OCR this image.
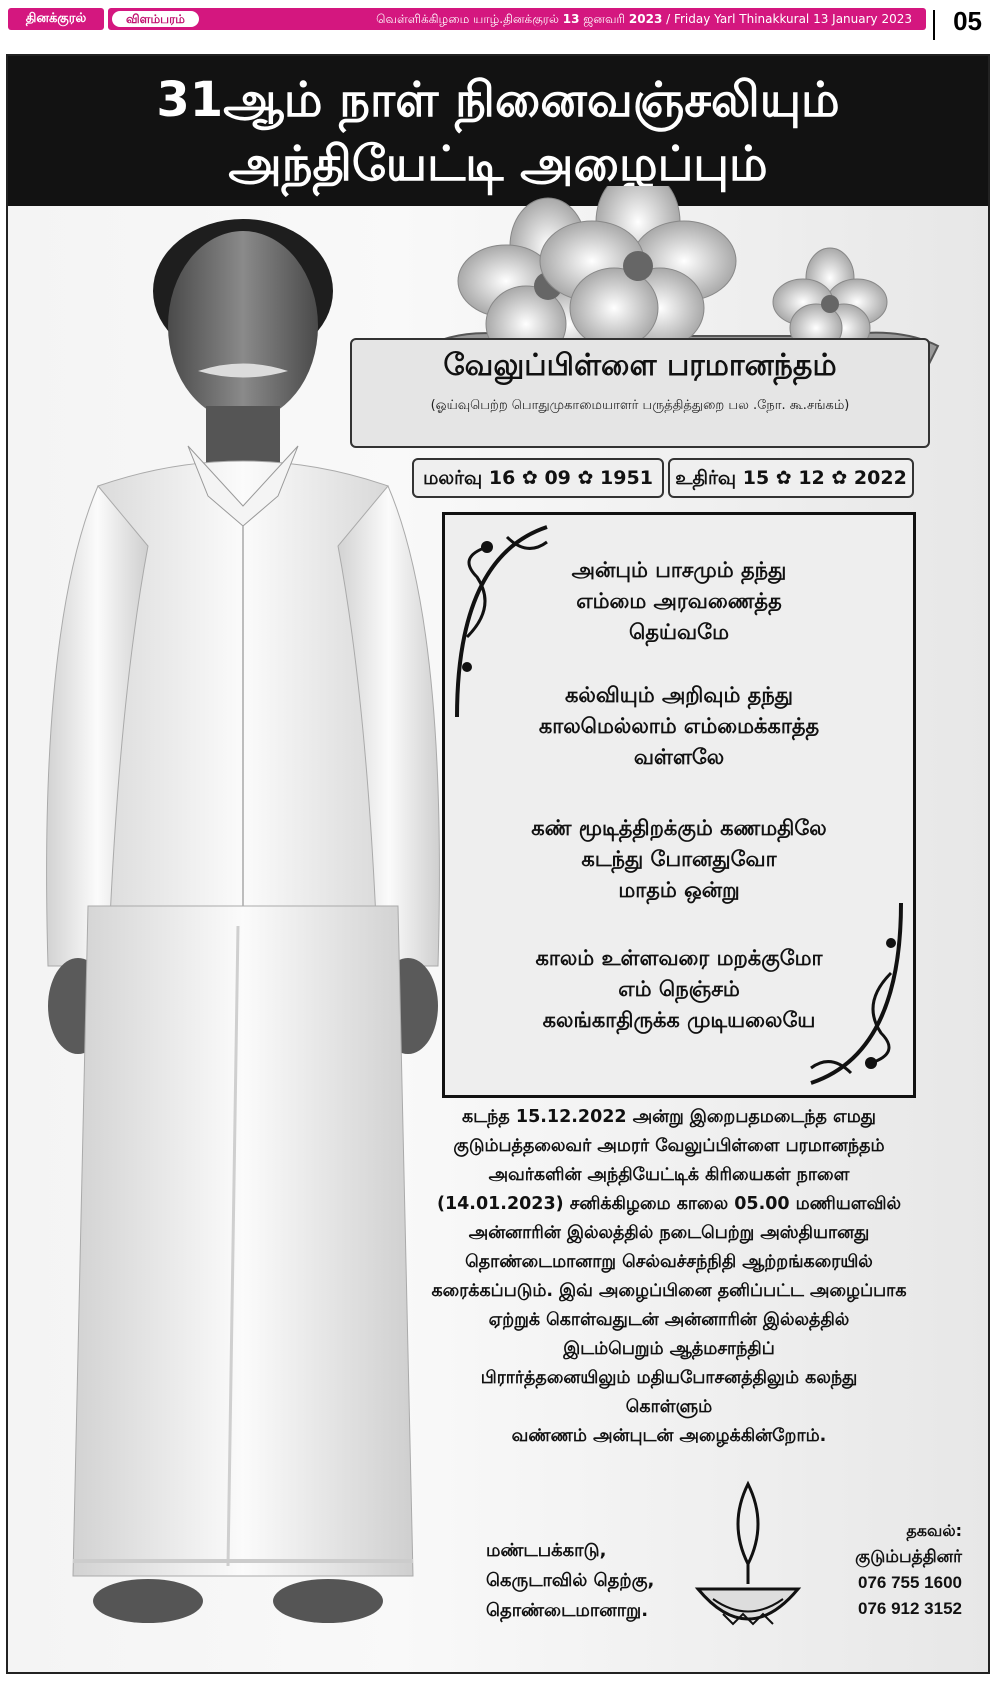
தினக்குரல்	விளம்பரம்	வெள்ளிக்கிழமை யாழ்.தினக்குரல் 13 ஜனவரி 2023 / Friday Yarl Thinakkural 13 January 2023 05
31ஆம் நாள் நினைவஞ்சலியும்
அந்தியேட்டி அழைப்பும்
வேலுப்பிள்ளை பரமானந்தம்
(ஓய்வுபெற்ற பொதுமுகாமையாளர் பருத்தித்துறை பல .நோ. கூ.சங்கம்)
மலர்வு 16 ✿ 09 ✿ 1951	உதிர்வு 15 ✿ 12 ✿ 2022
அன்பும் பாசமும் தந்து
எம்மை அரவணைத்த
தெய்வமே
கல்வியும் அறிவும் தந்து
காலமெல்லாம் எம்மைக்காத்த
வள்ளலே
கண் மூடித்திறக்கும் கணமதிலே
கடந்து போனதுவோ
மாதம் ஒன்று
காலம் உள்ளவரை மறக்குமோ
எம் நெஞ்சம்
கலங்காதிருக்க முடியலையே
கடந்த 15.12.2022 அன்று இறைபதமடைந்த எமது
குடும்பத்தலைவர் அமரர் வேலுப்பிள்ளை பரமானந்தம்
அவர்களின் அந்தியேட்டிக் கிரியைகள் நாளை
(14.01.2023) சனிக்கிழமை காலை 05.00 மணியளவில்
அன்னாரின் இல்லத்தில் நடைபெற்று அஸ்தியானது
தொண்டைமானாறு செல்வச்சந்நிதி ஆற்றங்கரையில்
கரைக்கப்படும். இவ் அழைப்பினை தனிப்பட்ட அழைப்பாக
ஏற்றுக் கொள்வதுடன் அன்னாரின் இல்லத்தில்
இடம்பெறும் ஆத்மசாந்திப்
பிரார்த்தனையிலும் மதியபோசனத்திலும் கலந்து
கொள்ளும்
வண்ணம் அன்புடன் அழைக்கின்றோம்.
மண்டபக்காடு,
கெருடாவில் தெற்கு,
தொண்டைமானாறு.
தகவல்:
குடும்பத்தினர்
076 755 1600
076 912 3152
